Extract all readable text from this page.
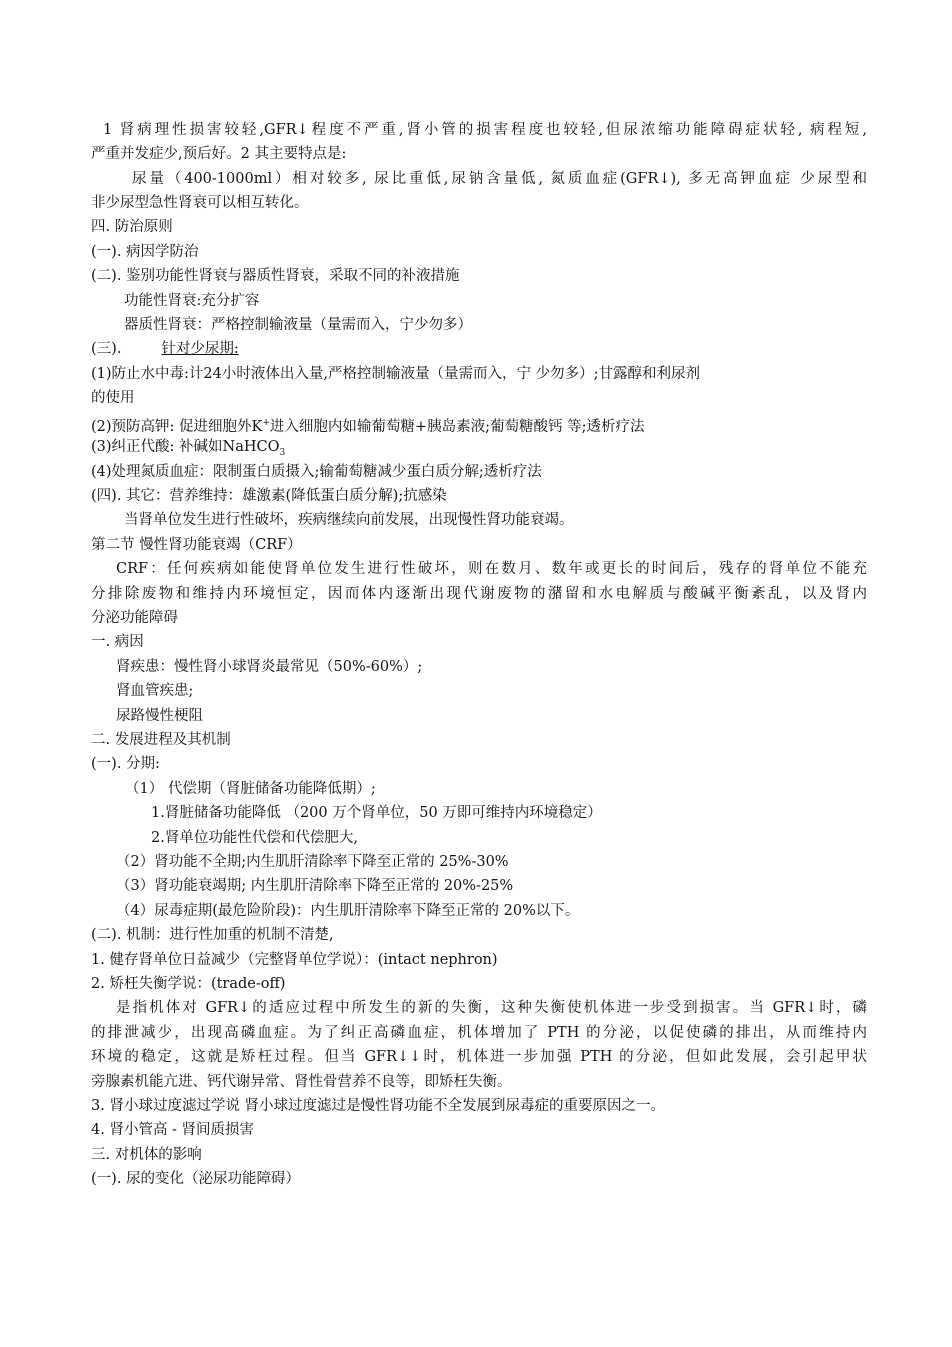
1 肾病理性损害较轻,GFR↓程度不严重,肾小管的损害程度也较轻,但尿浓缩功能障碍症状轻, 病程短,
严重并发症少,预后好。2 其主要特点是:
尿量（400-1000ml）相对较多, 尿比重低,尿钠含量低, 氮质血症(GFR↓), 多无高钾血症 少尿型和
非少尿型急性肾衰可以相互转化。
四. 防治原则
(一). 病因学防治
(二). 鉴别功能性肾衰与器质性肾衰，采取不同的补液措施
功能性肾衰:充分扩容
器质性肾衰：严格控制输液量（量需而入，宁少勿多）
(三).	针对少尿期:
(1)防止水中毒:计24小时液体出入量,严格控制输液量（量需而入，宁 少勿多）;甘露醇和利尿剂
的使用
(2)预防高钾: 促进细胞外K+进入细胞内如输葡萄糖+胰岛素液;葡萄糖酸钙 等;透析疗法
(3)纠正代酸: 补碱如NaHCO$_3$
(4)处理氮质血症：限制蛋白质摄入;输葡萄糖减少蛋白质分解;透析疗法
(四). 其它：营养维持：雄激素(降低蛋白质分解);抗感染
当肾单位发生进行性破坏，疾病继续向前发展，出现慢性肾功能衰竭。
第二节 慢性肾功能衰竭（CRF）
CRF：任何疾病如能使肾单位发生进行性破坏，则在数月、数年或更长的时间后，残存的肾单位不能充
分排除废物和维持内环境恒定，因而体内逐渐出现代谢废物的潴留和水电解质与酸碱平衡紊乱，以及肾内
分泌功能障碍
一. 病因
肾疾患：慢性肾小球肾炎最常见（50%-60%）;
肾血管疾患;
尿路慢性梗阻
二. 发展进程及其机制
(一). 分期:
（1） 代偿期（肾脏储备功能降低期）;
1.肾脏储备功能降低 （200 万个肾单位，50 万即可维持内环境稳定）
2.肾单位功能性代偿和代偿肥大,
（2）肾功能不全期;内生肌肝清除率下降至正常的 25%-30%
（3）肾功能衰竭期; 内生肌肝清除率下降至正常的 20%-25%
（4）尿毒症期(最危险阶段)：内生肌肝清除率下降至正常的 20%以下。
(二). 机制：进行性加重的机制不清楚,
1. 健存肾单位日益减少（完整肾单位学说）：(intact nephron)
2. 矫枉失衡学说：(trade-off)
是指机体对 GFR↓的适应过程中所发生的新的失衡，这种失衡使机体进一步受到损害。当 GFR↓时，磷
的排泄减少，出现高磷血症。为了纠正高磷血症，机体增加了 PTH 的分泌，以促使磷的排出，从而维持内
环境的稳定，这就是矫枉过程。但当 GFR↓↓时，机体进一步加强 PTH 的分泌，但如此发展，会引起甲状
旁腺素机能亢进、钙代谢异常、肾性骨营养不良等，即矫枉失衡。
3. 肾小球过度滤过学说 肾小球过度滤过是慢性肾功能不全发展到尿毒症的重要原因之一。
4. 肾小管高 - 肾间质损害
三. 对机体的影响
(一). 尿的变化（泌尿功能障碍）
